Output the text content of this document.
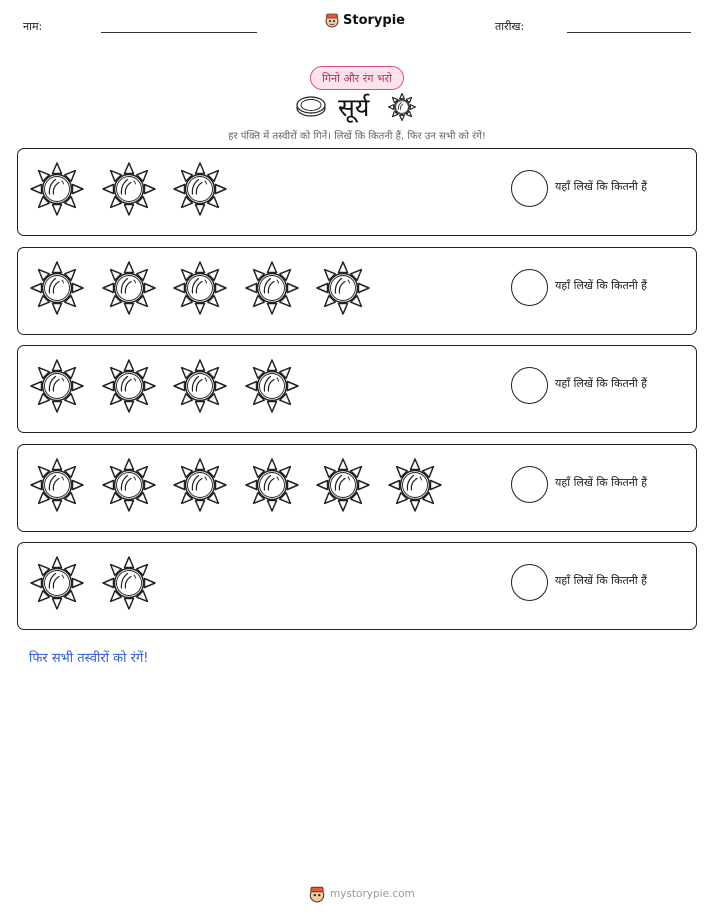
नाम:	Storypie	तारीख:
गिनो और रंग भरो
सूर्य
हर पंक्ति में तस्वीरों को गिनें। लिखें कि कितनी हैं, फिर उन सभी को रंगें!
यहाँ लिखें कि कितनी हैं
यहाँ लिखें कि कितनी हैं
यहाँ लिखें कि कितनी हैं
यहाँ लिखें कि कितनी हैं
यहाँ लिखें कि कितनी हैं
फिर सभी तस्वीरों को रंगें!
mystorypie.com
